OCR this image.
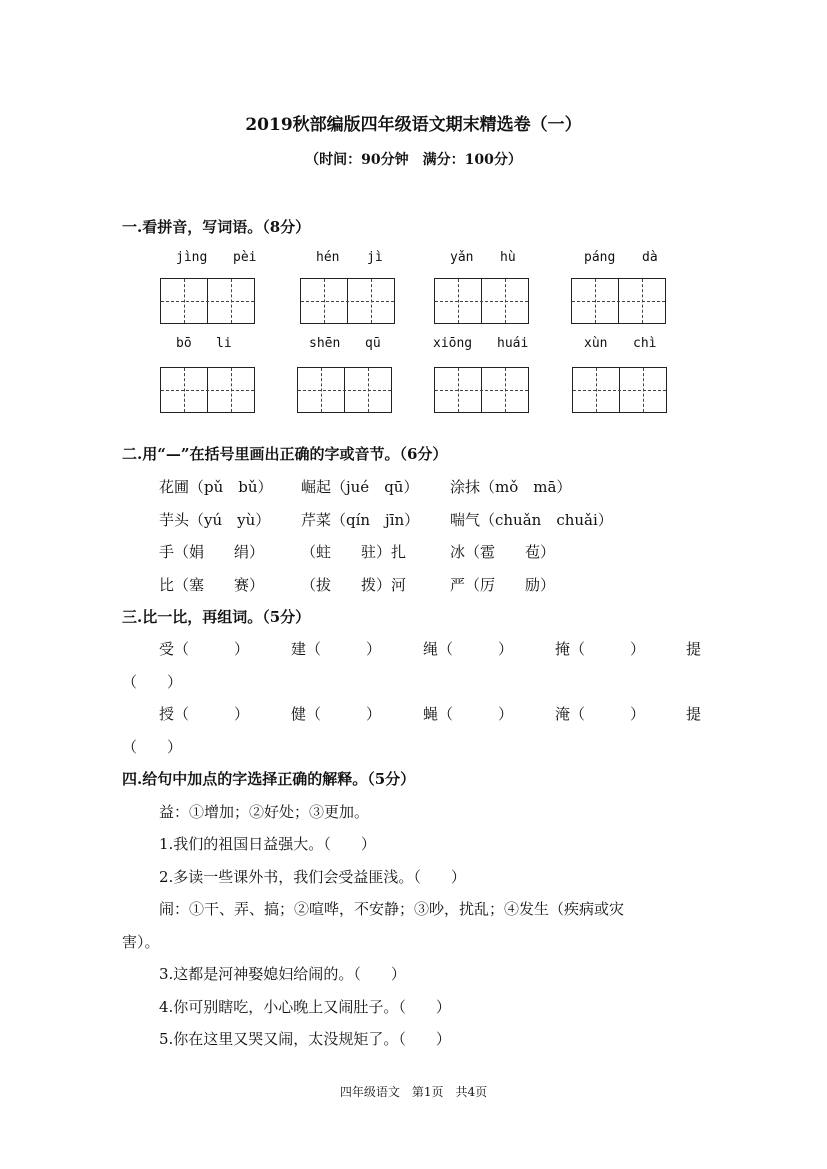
2019秋部编版四年级语文期末精选卷（一）
（时间：90分钟　满分：100分）
一.看拼音，写词语。（8分）
jìng pèi	hén jì	yǎn hù	páng dà
bō li	shēn qū	xiōng huái	xùn chì
二.用“—”在括号里画出正确的字或音节。（6分）
花圃（pǔ　bǔ） 崛起（jué　qū） 涂抹（mǒ　mā）
芋头（yú　yù） 芹菜（qín　jīn） 喘气（chuǎn　chuǎi）
手（娟　　绢） （蛀　　驻）扎	冰（雹　　苞）
比（塞　　赛） （拔　　拨）河	严（厉　　励）
三.比一比，再组词。（5分）
受（　　　）	建（　　　）	绳（　　　）	掩（　　　）	提
（　　）
授（　　　）	健（　　　）	蝇（　　　）	淹（　　　）	提
（　　）
四.给句中加点的字选择正确的解释。（5分）
益：①增加；②好处；③更加。
1.我们的祖国日益强大。（　　）
2.多读一些课外书，我们会受益匪浅。（　　）
闹：①干、弄、搞；②喧哗，不安静；③吵，扰乱；④发生（疾病或灾
害）。
3.这都是河神娶媳妇给闹的。（　　）
4.你可别瞎吃，小心晚上又闹肚子。（　　）
5.你在这里又哭又闹，太没规矩了。（　　）
四年级语文　第1页　共4页
